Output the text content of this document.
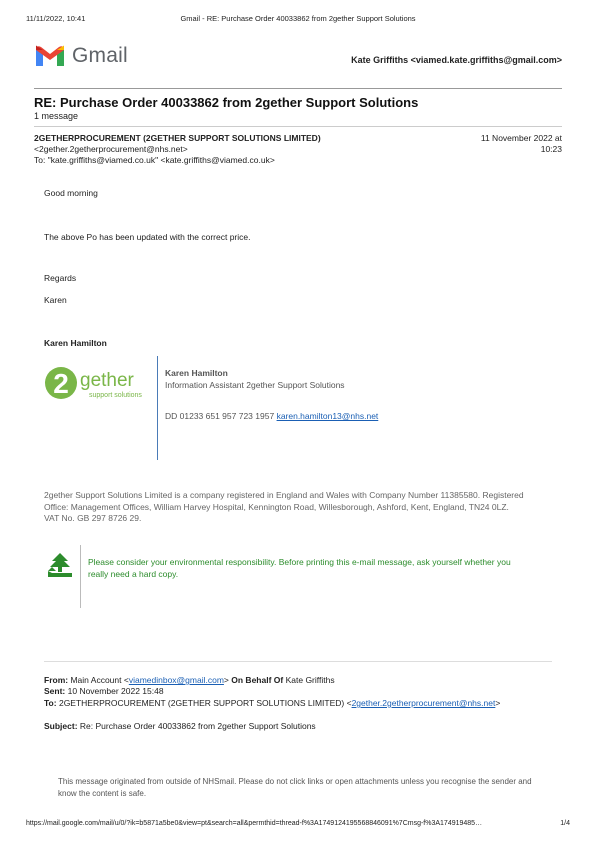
11/11/2022, 10:41	Gmail - RE: Purchase Order 40033862 from 2gether Support Solutions
Gmail	Kate Griffiths <viamed.kate.griffiths@gmail.com>
RE: Purchase Order 40033862 from 2gether Support Solutions
1 message
2GETHERPROCUREMENT (2GETHER SUPPORT SOLUTIONS LIMITED)
<2gether.2getherprocurement@nhs.net>
To: "kate.griffiths@viamed.co.uk" <kate.griffiths@viamed.co.uk>
11 November 2022 at
10:23
Good morning
The above Po has been updated with the correct price.
Regards
Karen
Karen Hamilton
2 gether
support solutions
Karen Hamilton
Information Assistant 2gether Support Solutions
DD 01233 651 957 723 1957 karen.hamilton13@nhs.net
2gether Support Solutions Limited is a company registered in England and Wales with Company Number 11385580. Registered Office: Management Offices, William Harvey Hospital, Kennington Road, Willesborough, Ashford, Kent, England, TN24 0LZ. VAT No. GB 297 8726 29.
Please consider your environmental responsibility. Before printing this e-mail message, ask yourself whether you really need a hard copy.
From: Main Account <viamedinbox@gmail.com> On Behalf Of Kate Griffiths
Sent: 10 November 2022 15:48
To: 2GETHERPROCUREMENT (2GETHER SUPPORT SOLUTIONS LIMITED) <2gether.2getherprocurement@nhs.net>
Subject: Re: Purchase Order 40033862 from 2gether Support Solutions
This message originated from outside of NHSmail. Please do not click links or open attachments unless you recognise the sender and know the content is safe.
https://mail.google.com/mail/u/0/?ik=b5871a5be0&view=pt&search=all&permthid=thread-f%3A1749124195568846091%7Cmsg-f%3A174919485…	1/4
